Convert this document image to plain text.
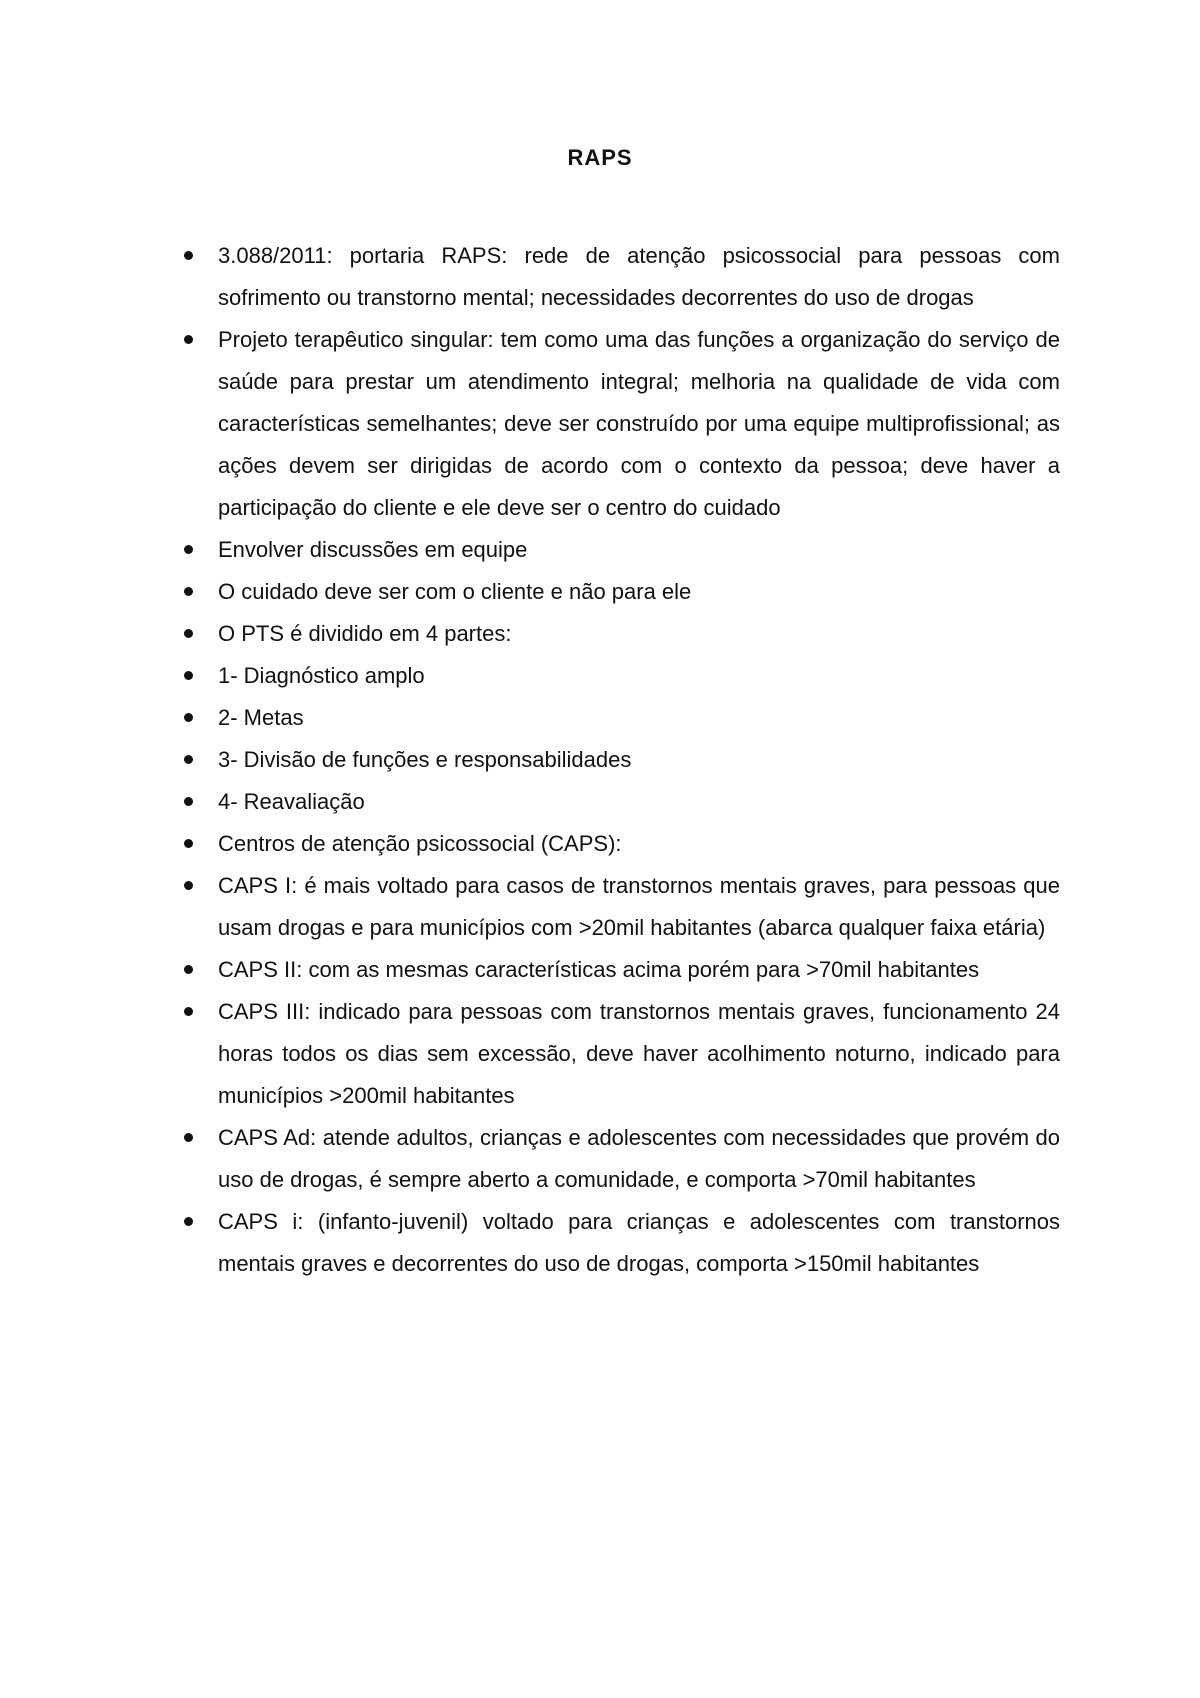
RAPS
3.088/2011: portaria RAPS: rede de atenção psicossocial para pessoas com sofrimento ou transtorno mental; necessidades decorrentes do uso de drogas
Projeto terapêutico singular: tem como uma das funções a organização do serviço de saúde para prestar um atendimento integral; melhoria na qualidade de vida com características semelhantes; deve ser construído por uma equipe multiprofissional; as ações devem ser dirigidas de acordo com o contexto da pessoa; deve haver a participação do cliente e ele deve ser o centro do cuidado
Envolver discussões em equipe
O cuidado deve ser com o cliente e não para ele
O PTS é dividido em 4 partes:
1- Diagnóstico amplo
2- Metas
3- Divisão de funções e responsabilidades
4- Reavaliação
Centros de atenção psicossocial (CAPS):
CAPS I: é mais voltado para casos de transtornos mentais graves, para pessoas que usam drogas e para municípios com >20mil habitantes (abarca qualquer faixa etária)
CAPS II: com as mesmas características acima porém para >70mil habitantes
CAPS III: indicado para pessoas com transtornos mentais graves, funcionamento 24 horas todos os dias sem excessão, deve haver acolhimento noturno, indicado para municípios >200mil habitantes
CAPS Ad: atende adultos, crianças e adolescentes com necessidades que provém do uso de drogas, é sempre aberto a comunidade, e comporta >70mil habitantes
CAPS i: (infanto-juvenil) voltado para crianças e adolescentes com transtornos mentais graves e decorrentes do uso de drogas, comporta >150mil habitantes
